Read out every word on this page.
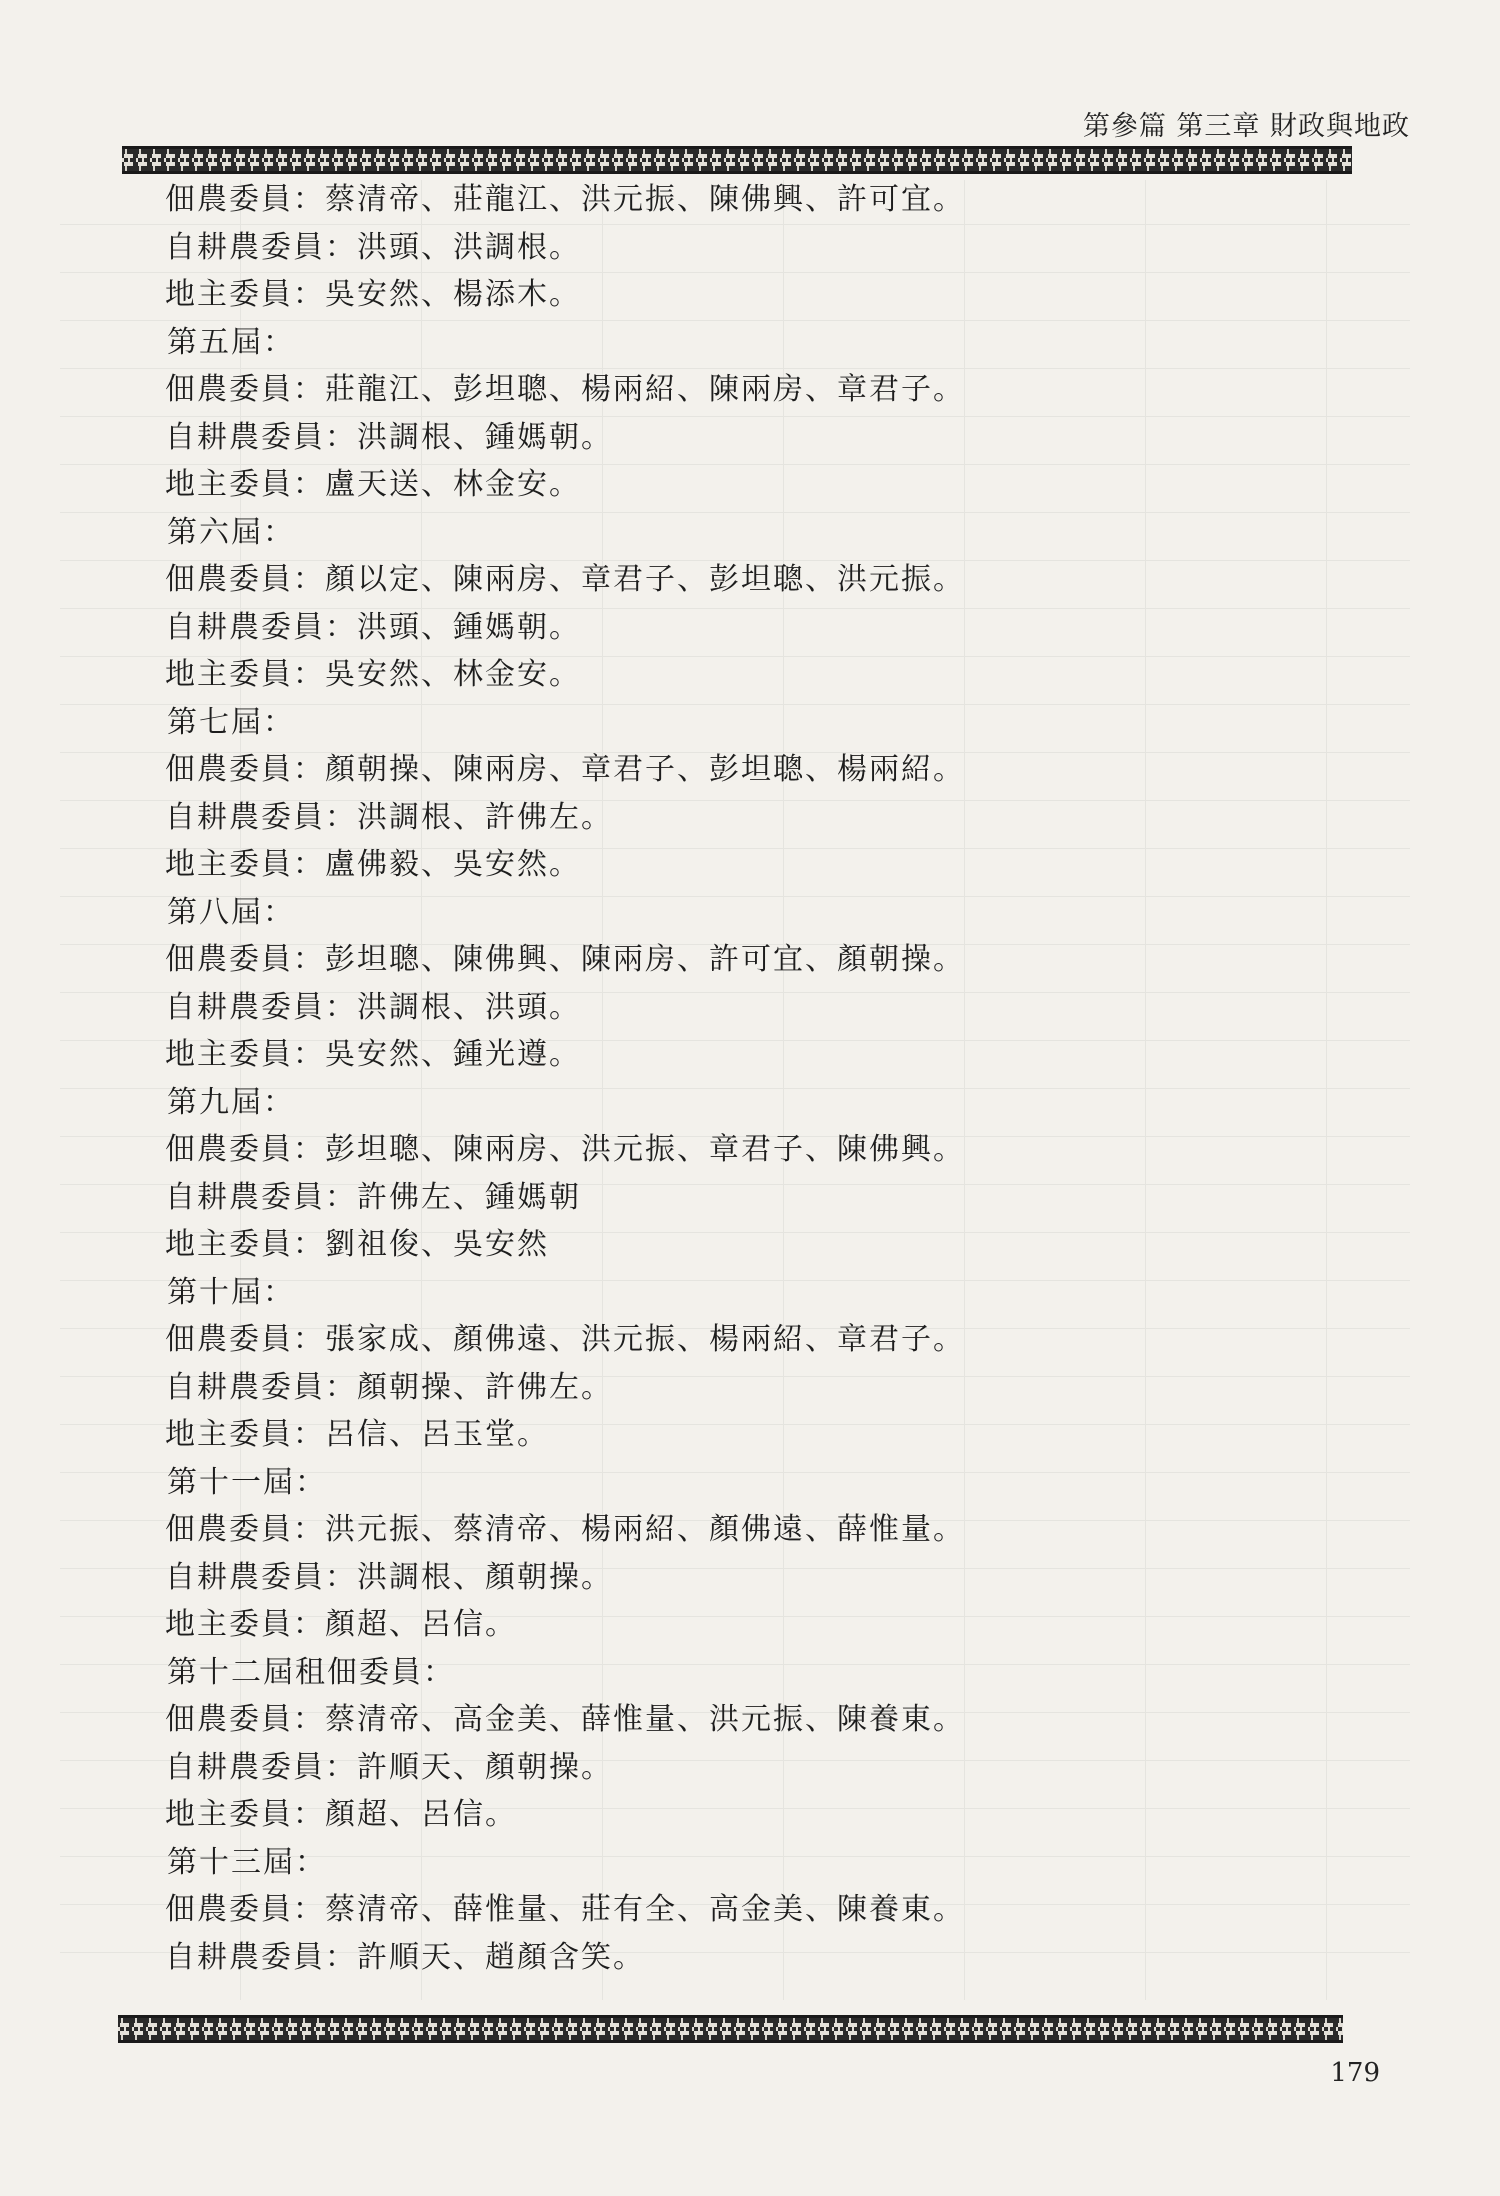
第參篇 第三章 財政與地政
佃農委員：蔡清帝、莊龍江、洪元振、陳佛興、許可宜。
自耕農委員：洪頭、洪調根。
地主委員：吳安然、楊添木。
第五屆：
佃農委員：莊龍江、彭坦聰、楊兩紹、陳兩房、章君子。
自耕農委員：洪調根、鍾媽朝。
地主委員：盧天送、林金安。
第六屆：
佃農委員：顏以定、陳兩房、章君子、彭坦聰、洪元振。
自耕農委員：洪頭、鍾媽朝。
地主委員：吳安然、林金安。
第七屆：
佃農委員：顏朝操、陳兩房、章君子、彭坦聰、楊兩紹。
自耕農委員：洪調根、許佛左。
地主委員：盧佛毅、吳安然。
第八屆：
佃農委員：彭坦聰、陳佛興、陳兩房、許可宜、顏朝操。
自耕農委員：洪調根、洪頭。
地主委員：吳安然、鍾光遵。
第九屆：
佃農委員：彭坦聰、陳兩房、洪元振、章君子、陳佛興。
自耕農委員：許佛左、鍾媽朝
地主委員：劉祖俊、吳安然
第十屆：
佃農委員：張家成、顏佛遠、洪元振、楊兩紹、章君子。
自耕農委員：顏朝操、許佛左。
地主委員：呂信、呂玉堂。
第十一屆：
佃農委員：洪元振、蔡清帝、楊兩紹、顏佛遠、薛惟量。
自耕農委員：洪調根、顏朝操。
地主委員：顏超、呂信。
第十二屆租佃委員：
佃農委員：蔡清帝、高金美、薛惟量、洪元振、陳養東。
自耕農委員：許順天、顏朝操。
地主委員：顏超、呂信。
第十三屆：
佃農委員：蔡清帝、薛惟量、莊有全、高金美、陳養東。
自耕農委員：許順天、趙顏含笑。
179
